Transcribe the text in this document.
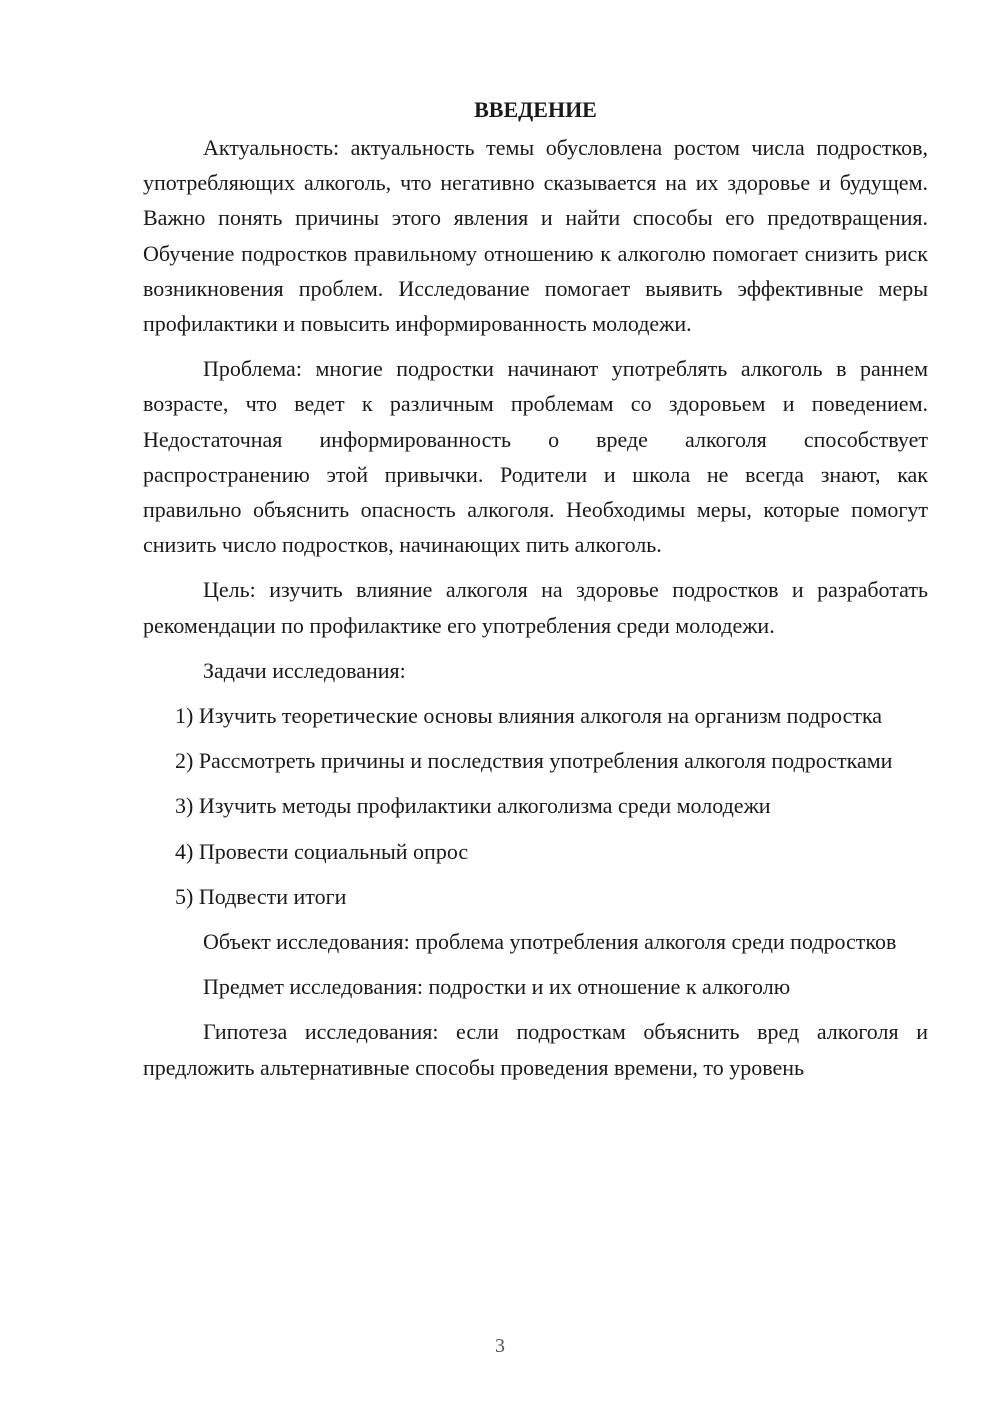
ВВЕДЕНИЕ

Актуальность: актуальность темы обусловлена ростом числа подростков, употребляющих алкоголь, что негативно сказывается на их здоровье и будущем. Важно понять причины этого явления и найти способы его предотвращения. Обучение подростков правильному отношению к алкоголю помогает снизить риск возникновения проблем. Исследование помогает выявить эффективные меры профилактики и повысить информированность молодежи.

Проблема: многие подростки начинают употреблять алкоголь в раннем возрасте, что ведет к различным проблемам со здоровьем и поведением. Недостаточная информированность о вреде алкоголя способствует распространению этой привычки. Родители и школа не всегда знают, как правильно объяснить опасность алкоголя. Необходимы меры, которые помогут снизить число подростков, начинающих пить алкоголь.

Цель: изучить влияние алкоголя на здоровье подростков и разработать рекомендации по профилактике его употребления среди молодежи.

Задачи исследования:

1) Изучить теоретические основы влияния алкоголя на организм подростка

2) Рассмотреть причины и последствия употребления алкоголя подростками

3) Изучить методы профилактики алкоголизма среди молодежи

4) Провести социальный опрос

5) Подвести итоги

Объект исследования: проблема употребления алкоголя среди подростков

Предмет исследования: подростки и их отношение к алкоголю

Гипотеза исследования: если подросткам объяснить вред алкоголя и предложить альтернативные способы проведения времени, то уровень

3
